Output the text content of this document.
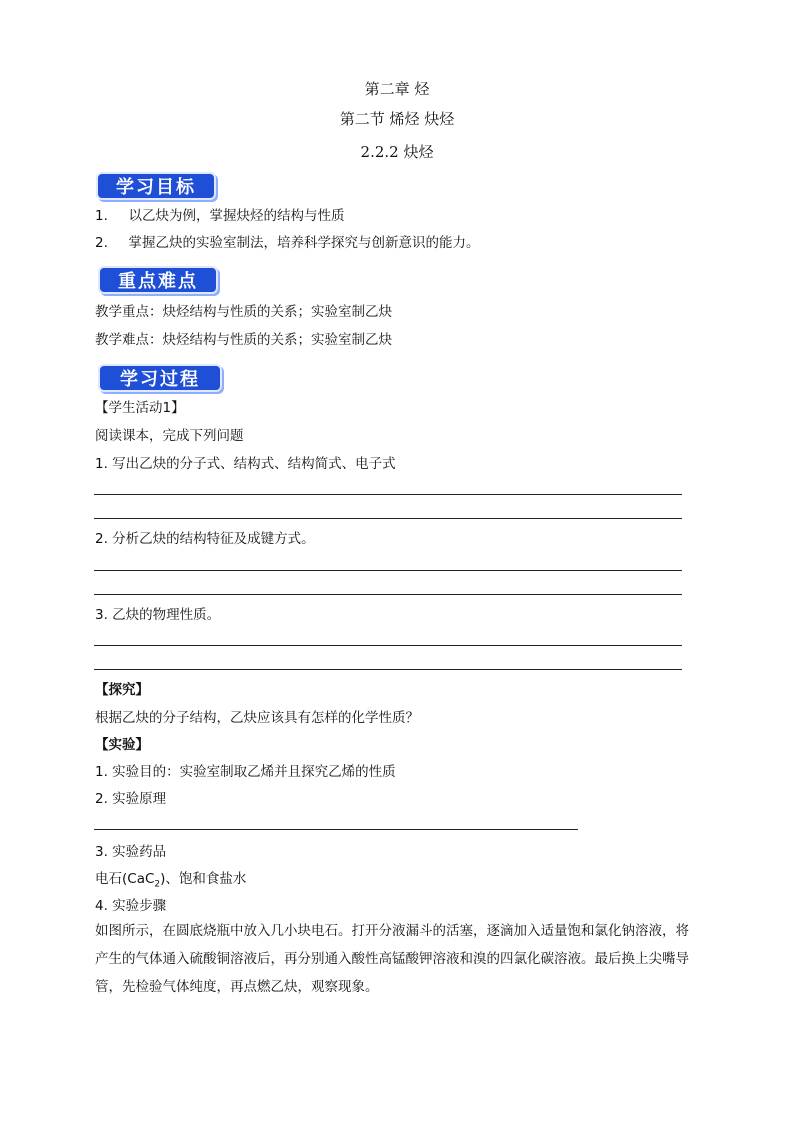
第二章 烃
第二节 烯烃 炔烃
2.2.2 炔烃
学习目标
1. 以乙炔为例，掌握炔烃的结构与性质
2. 掌握乙炔的实验室制法，培养科学探究与创新意识的能力。
重点难点
教学重点：炔烃结构与性质的关系；实验室制乙炔
教学难点：炔烃结构与性质的关系；实验室制乙炔
学习过程
【学生活动1】
阅读课本，完成下列问题
1. 写出乙炔的分子式、结构式、结构简式、电子式
2. 分析乙炔的结构特征及成键方式。
3. 乙炔的物理性质。
【探究】
根据乙炔的分子结构，乙炔应该具有怎样的化学性质？
【实验】
1. 实验目的：实验室制取乙烯并且探究乙烯的性质
2. 实验原理
3. 实验药品
电石(CaC$_2$)、饱和食盐水
4. 实验步骤
如图所示，在圆底烧瓶中放入几小块电石。打开分液漏斗的活塞，逐滴加入适量饱和氯化钠溶液，将产生的气体通入硫酸铜溶液后，再分别通入酸性高锰酸钾溶液和溴的四氯化碳溶液。最后换上尖嘴导管，先检验气体纯度，再点燃乙炔，观察现象。
